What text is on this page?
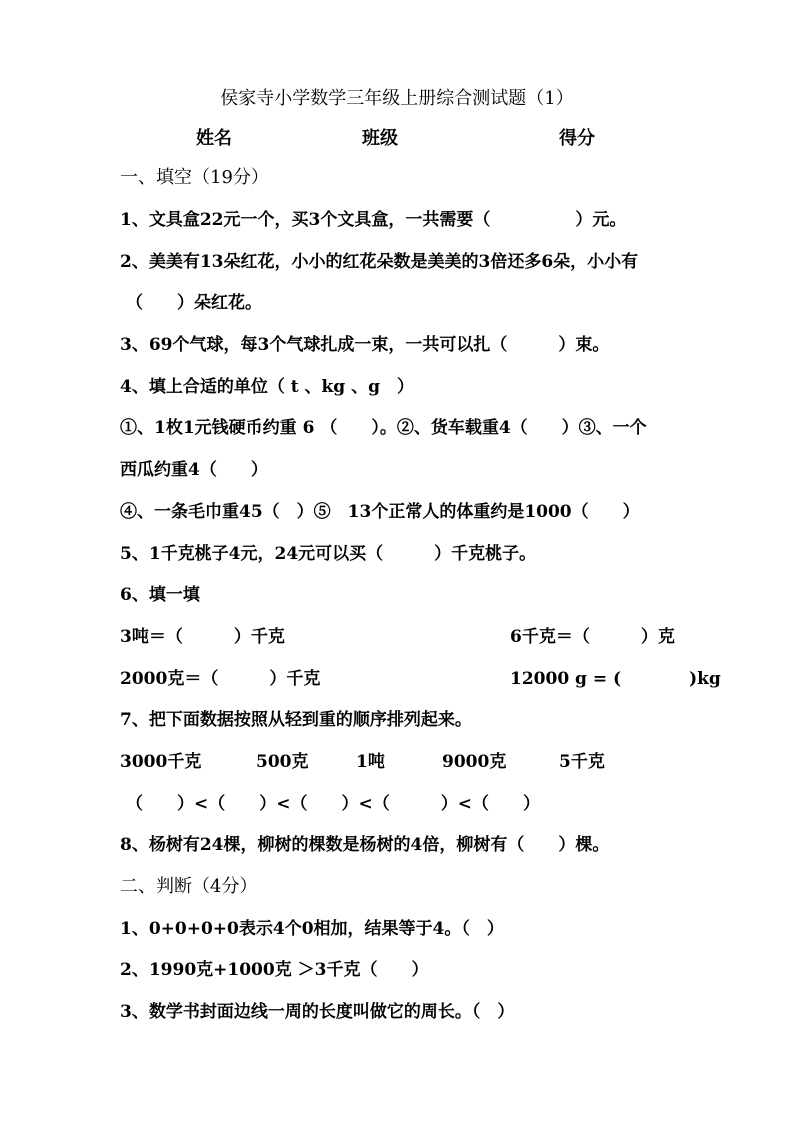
侯家寺小学数学三年级上册综合测试题（1）
姓名	班级	得分
一、填空（19分）
1、文具盒22元一个，买3个文具盒，一共需要（　　　　　）元。
2、美美有13朵红花，小小的红花朵数是美美的3倍还多6朵，小小有
（　　）朵红花。
3、69个气球，每3个气球扎成一束，一共可以扎（　　　）束。
4、填上合适的单位（ t 、kg 、g　）
①、1枚1元钱硬币约重 6 （　　）。②、货车载重4（　　）③、一个
西瓜约重4（　　）
④、一条毛巾重45（　）⑤　13个正常人的体重约是1000（　　）
5、1千克桃子4元，24元可以买（　　　）千克桃子。
6、填一填
3吨＝（　　　）千克	6千克＝（　　　）克
2000克＝（　　　）千克	12000 g = (　　　　)kg
7、把下面数据按照从轻到重的顺序排列起来。
3000千克	500克	1吨	9000克	5千克
（　　）<（　　）<（　　）<（　　　）<（　　）
8、杨树有24棵，柳树的棵数是杨树的4倍，柳树有（　　）棵。
二、判断（4分）
1、0+0+0+0表示4个0相加，结果等于4。（　）
2、1990克+1000克 ＞3千克（　　）
3、数学书封面边线一周的长度叫做它的周长。（　）
